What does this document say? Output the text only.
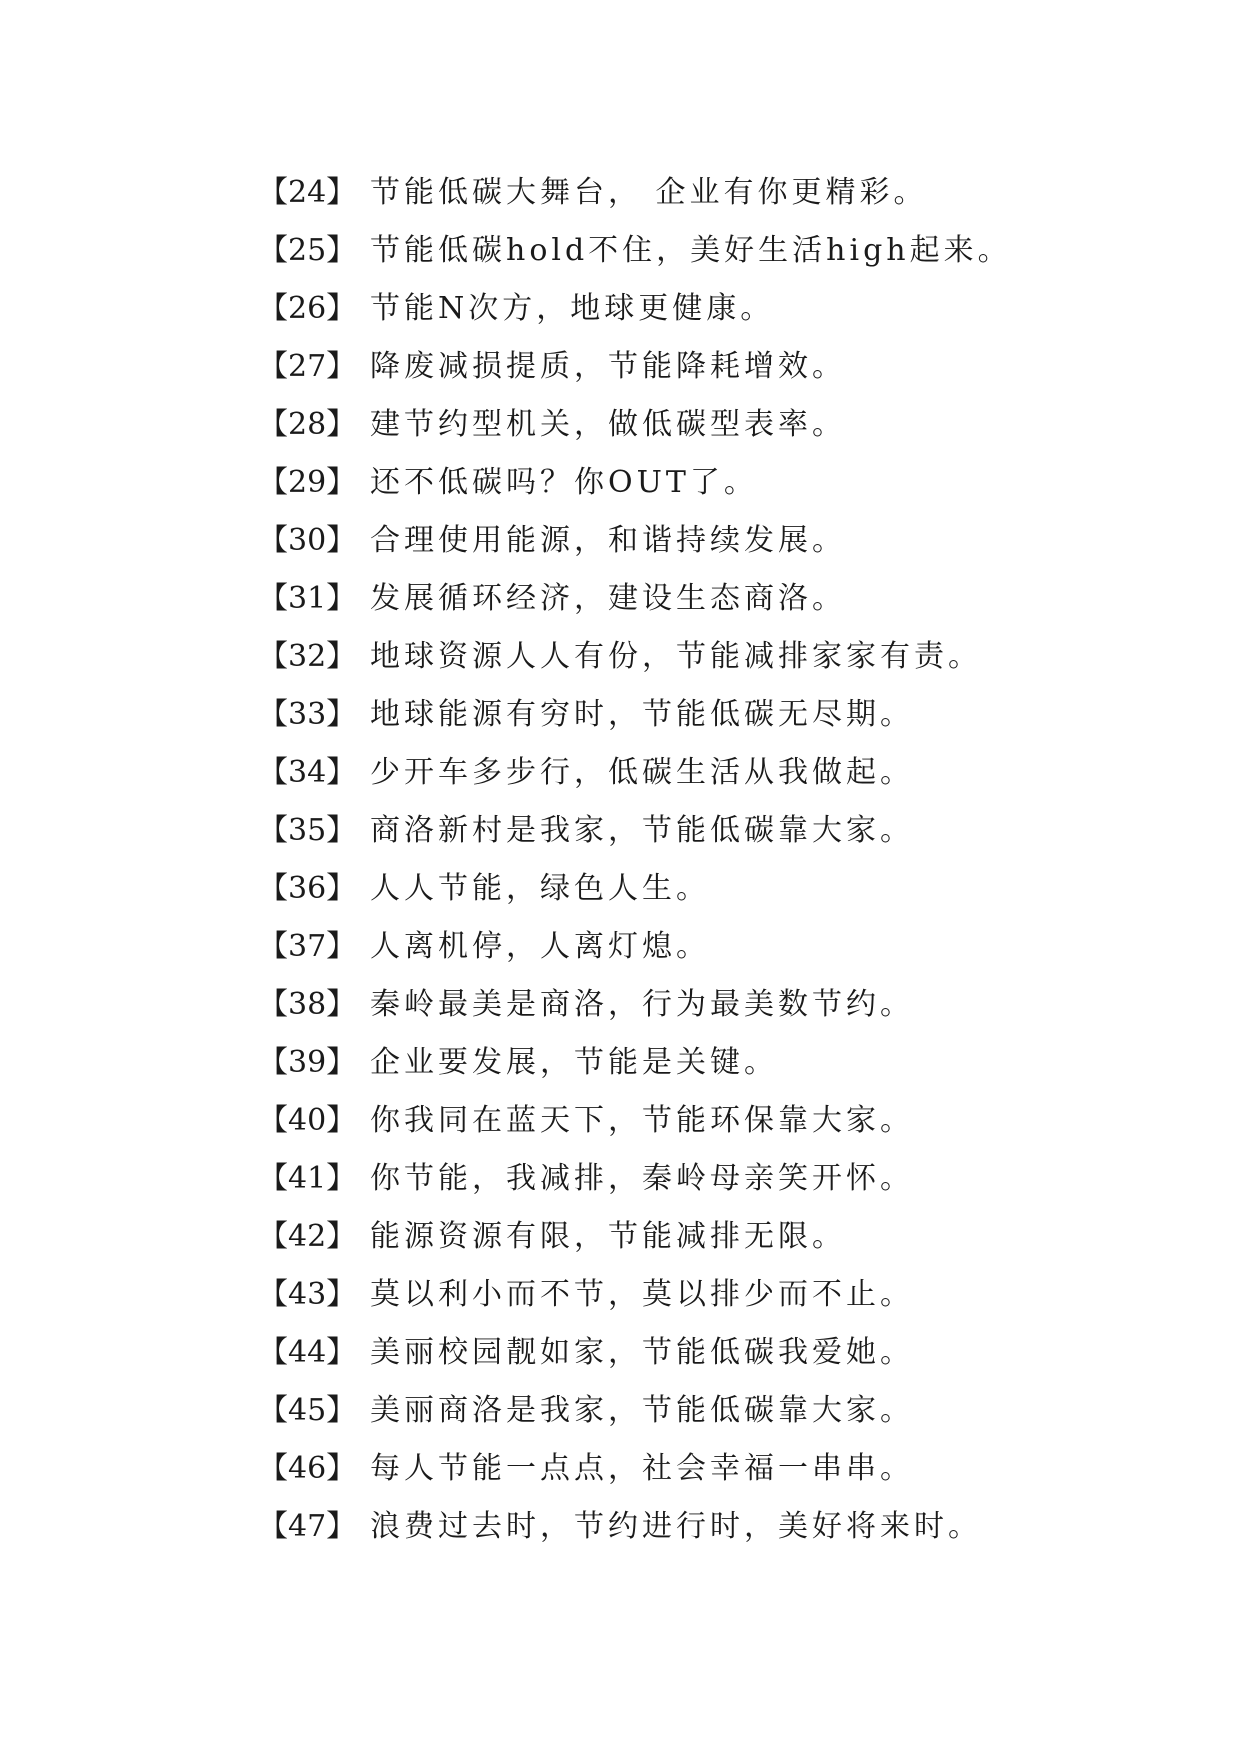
【24】 节能低碳大舞台， 企业有你更精彩。
【25】 节能低碳hold不住，美好生活high起来。
【26】 节能N次方，地球更健康。
【27】 降废减损提质，节能降耗增效。
【28】 建节约型机关，做低碳型表率。
【29】 还不低碳吗？你OUT了。
【30】 合理使用能源，和谐持续发展。
【31】 发展循环经济，建设生态商洛。
【32】 地球资源人人有份，节能减排家家有责。
【33】 地球能源有穷时，节能低碳无尽期。
【34】 少开车多步行，低碳生活从我做起。
【35】 商洛新村是我家，节能低碳靠大家。
【36】 人人节能，绿色人生。
【37】 人离机停，人离灯熄。
【38】 秦岭最美是商洛，行为最美数节约。
【39】 企业要发展，节能是关键。
【40】 你我同在蓝天下，节能环保靠大家。
【41】 你节能，我减排，秦岭母亲笑开怀。
【42】 能源资源有限，节能减排无限。
【43】 莫以利小而不节，莫以排少而不止。
【44】 美丽校园靓如家，节能低碳我爱她。
【45】 美丽商洛是我家，节能低碳靠大家。
【46】 每人节能一点点，社会幸福一串串。
【47】 浪费过去时，节约进行时，美好将来时。
